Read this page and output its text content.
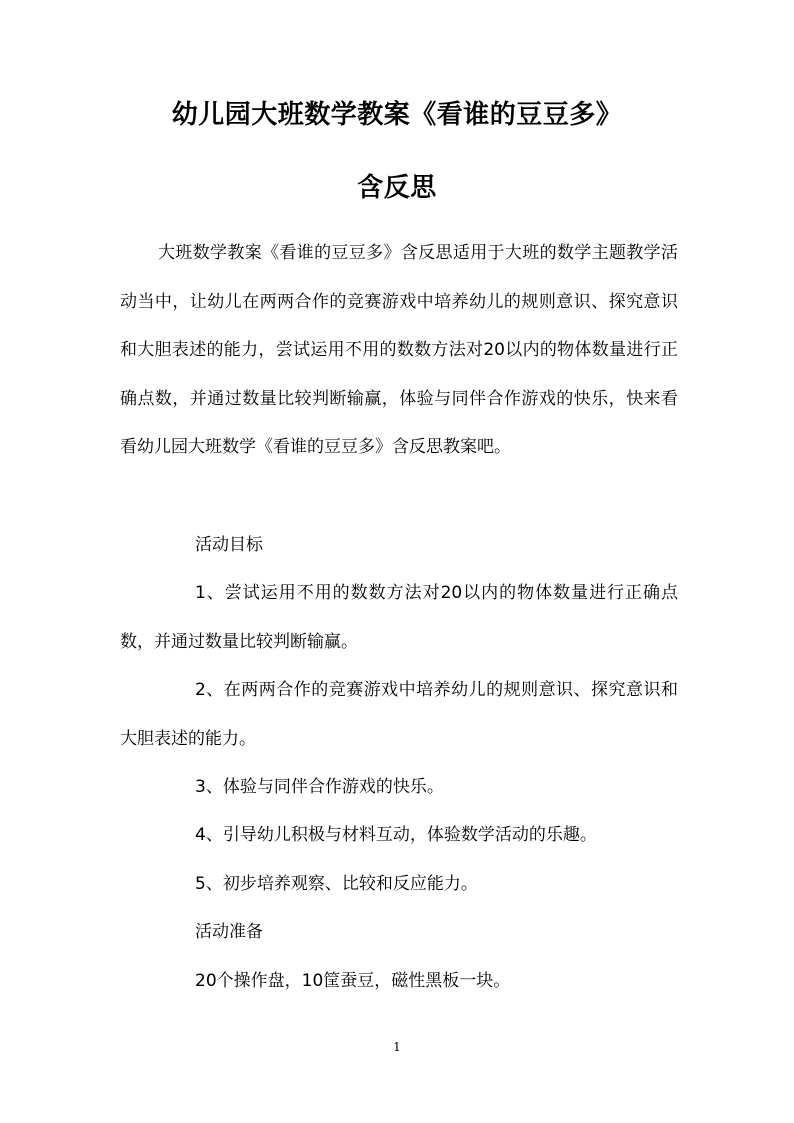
幼儿园大班数学教案《看谁的豆豆多》
含反思

大班数学教案《看谁的豆豆多》含反思适用于大班的数学主题教学活动当中，让幼儿在两两合作的竞赛游戏中培养幼儿的规则意识、探究意识和大胆表述的能力，尝试运用不用的数数方法对20以内的物体数量进行正确点数，并通过数量比较判断输赢，体验与同伴合作游戏的快乐，快来看看幼儿园大班数学《看谁的豆豆多》含反思教案吧。

活动目标

1、尝试运用不用的数数方法对20以内的物体数量进行正确点数，并通过数量比较判断输赢。

2、在两两合作的竞赛游戏中培养幼儿的规则意识、探究意识和大胆表述的能力。

3、体验与同伴合作游戏的快乐。

4、引导幼儿积极与材料互动，体验数学活动的乐趣。

5、初步培养观察、比较和反应能力。

活动准备

20个操作盘，10筐蚕豆，磁性黑板一块。

1
